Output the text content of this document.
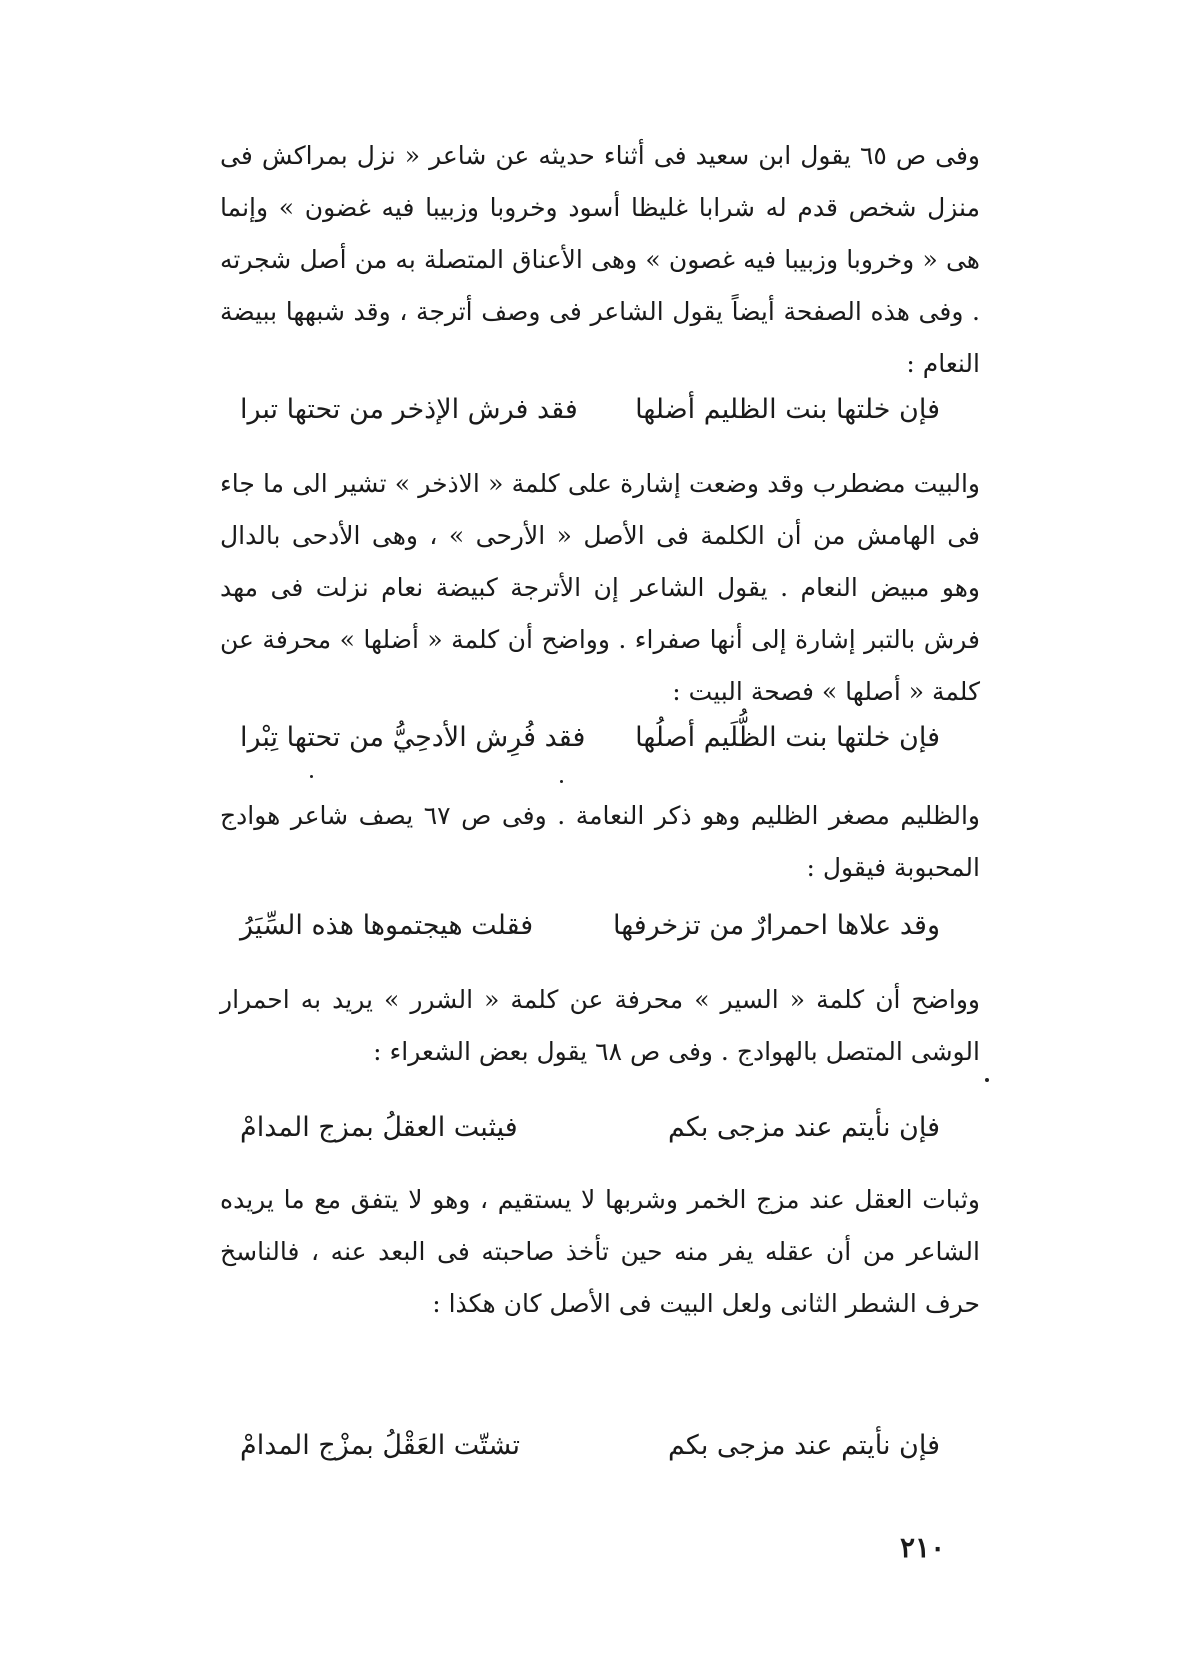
وفى ص ٦٥ يقول ابن سعيد فى أثناء حديثه عن شاعر « نزل بمراكش فى منزل شخص قدم له شرابا غليظا أسود وخروبا وزبيبا فيه غضون » وإنما هى « وخروبا وزبيبا فيه غصون » وهى الأعناق المتصلة به من أصل شجرته . وفى هذه الصفحة أيضاً يقول الشاعر فى وصف أترجة ، وقد شبهها ببيضة النعام :

فإن خلتها بنت الظليم أضلها
فقد فرش الإذخر من تحتها تبرا

والبيت مضطرب وقد وضعت إشارة على كلمة « الاذخر » تشير الى ما جاء فى الهامش من أن الكلمة فى الأصل « الأرحى » ، وهى الأدحى بالدال وهو مبيض النعام . يقول الشاعر إن الأترجة كبيضة نعام نزلت فى مهد فرش بالتبر إشارة إلى أنها صفراء . وواضح أن كلمة « أضلها » محرفة عن كلمة « أصلها » فصحة البيت :

فإن خلتها بنت الظُّلَيم أصلُها
فقد فُرِش الأدحِيُّ من تحتها تِبْرا

والظليم مصغر الظليم وهو ذكر النعامة . وفى ص ٦٧ يصف شاعر هوادج المحبوبة فيقول :

وقد علاها احمرارٌ من تزخرفها
فقلت هيجتموها هذه السِّيَرُ

وواضح أن كلمة « السير » محرفة عن كلمة « الشرر » يريد به احمرار الوشى المتصل بالهوادج . وفى ص ٦٨ يقول بعض الشعراء :

فإن نأيتم عند مزجى بكم
فيثبت العقلُ بمزج المدامْ

وثبات العقل عند مزج الخمر وشربها لا يستقيم ، وهو لا يتفق مع ما يريده الشاعر من أن عقله يفر منه حين تأخذ صاحبته فى البعد عنه ، فالناسخ حرف الشطر الثانى ولعل البيت فى الأصل كان هكذا :

فإن نأيتم عند مزجى بكم
تشتّت العَقْلُ بمزْج المدامْ
٢١٠
